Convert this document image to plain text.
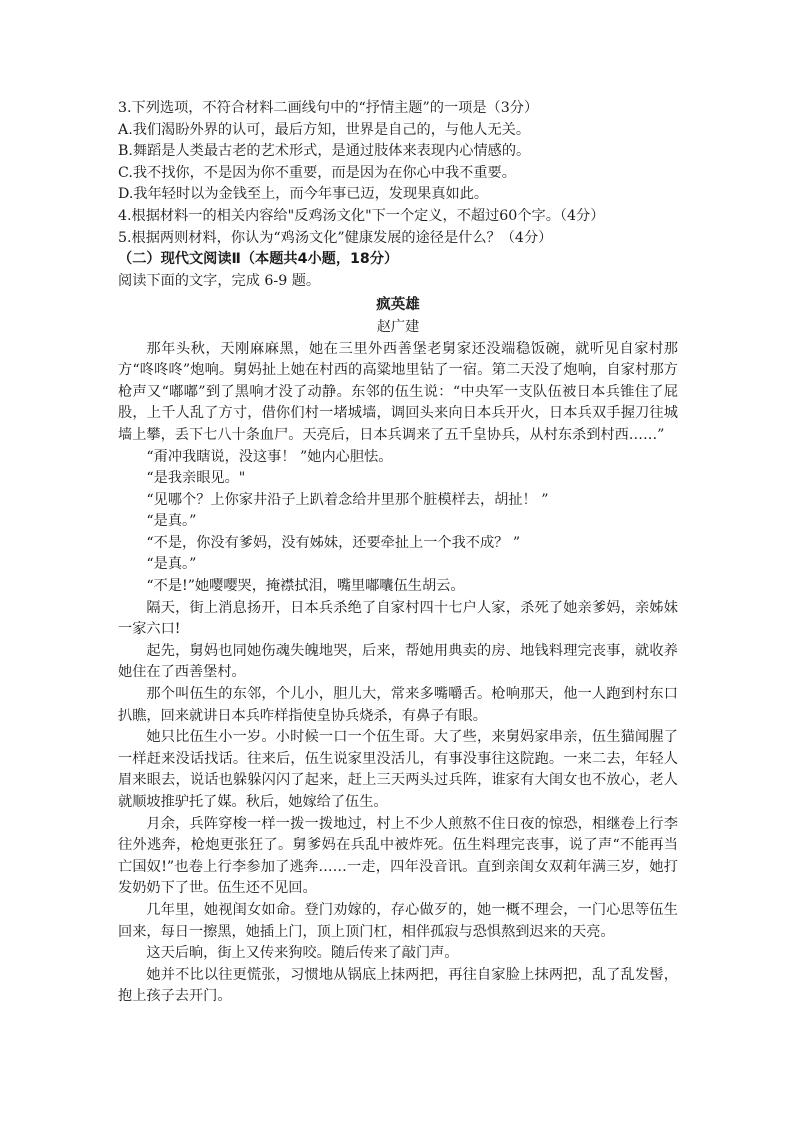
3.下列选项，不符合材料二画线句中的“抒情主题”的一项是（3分）
A.我们渴盼外界的认可，最后方知，世界是自己的，与他人无关。
B.舞蹈是人类最古老的艺术形式，是通过肢体来表现内心情感的。
C.我不找你，不是因为你不重要，而是因为在你心中我不重要。
D.我年轻时以为金钱至上，而今年事已迈，发现果真如此。
4.根据材料一的相关内容给"反鸡汤文化"下一个定义，不超过60个字。（4分）
5.根据两则材料，你认为“鸡汤文化”健康发展的途径是什么？（4分）
（二）现代文阅读Ⅱ（本题共4小题，18分）
阅读下面的文字，完成 6-9 题。
疯英雄
赵广建

那年头秋，天刚麻麻黑，她在三里外西善堡老舅家还没端稳饭碗，就听见自家村那方“咚咚咚”炮响。舅妈扯上她在村西的高粱地里钻了一宿。第二天没了炮响，自家村那方枪声又“嘟嘟”到了黑响才没了动静。东邻的伍生说：“中央军一支队伍被日本兵锥住了屁股，上千人乱了方寸，借你们村一堵城墙，调回头来向日本兵开火，日本兵双手握刀往城墙上攀，丢下七八十条血尸。天亮后，日本兵调来了五千皇协兵，从村东杀到村西……”

“甭冲我瞎说，没这事！ ”她内心胆怯。

“是我亲眼见。"

“见哪个？上你家井沿子上趴着念给井里那个脏模样去，胡扯！ ”

“是真。”

“不是，你没有爹妈，没有姊妹，还要牵扯上一个我不成？ ”

“是真。”

“不是!”她嘤嘤哭，掩襟拭泪，嘴里嘟囔伍生胡云。

隔天，街上消息扬开，日本兵杀绝了自家村四十七户人家，杀死了她亲爹妈，亲姊妹一家六口!

起先，舅妈也同她伤魂失魄地哭，后来，帮她用典卖的房、地钱料理完丧事，就收养她住在了西善堡村。

那个叫伍生的东邻，个儿小，胆儿大，常来多嘴嚼舌。枪响那天，他一人跑到村东口扒瞧，回来就讲日本兵咋样指使皇协兵烧杀，有鼻子有眼。

她只比伍生小一岁。小时候一口一个伍生哥。大了些，来舅妈家串亲，伍生猫闻腥了一样赶来没话找话。往来后，伍生说家里没活儿，有事没事往这院跑。一来二去，年轻人眉来眼去，说话也躲躲闪闪了起来，赶上三天两头过兵阵，谁家有大闺女也不放心，老人就顺坡推驴托了媒。秋后，她嫁给了伍生。

月余，兵阵穿梭一样一拨一拨地过，村上不少人煎熬不住日夜的惊恐，相继卷上行李往外逃奔，枪炮更张狂了。舅爹妈在兵乱中被炸死。伍生料理完丧事，说了声“不能再当亡国奴!”也卷上行李参加了逃奔……一走，四年没音讯。直到亲闺女双莉年满三岁，她打发奶奶下了世。伍生还不见回。

几年里，她视闺女如命。登门劝嫁的，存心做歹的，她一概不理会，一门心思等伍生回来，每日一擦黑，她插上门，顶上顶门杠，相伴孤寂与恐惧熬到迟来的天亮。

这天后晌，街上又传来狗咬。随后传来了敲门声。

她并不比以往更慌张，习惯地从锅底上抹两把，再往自家脸上抹两把，乱了乱发髻，抱上孩子去开门。
